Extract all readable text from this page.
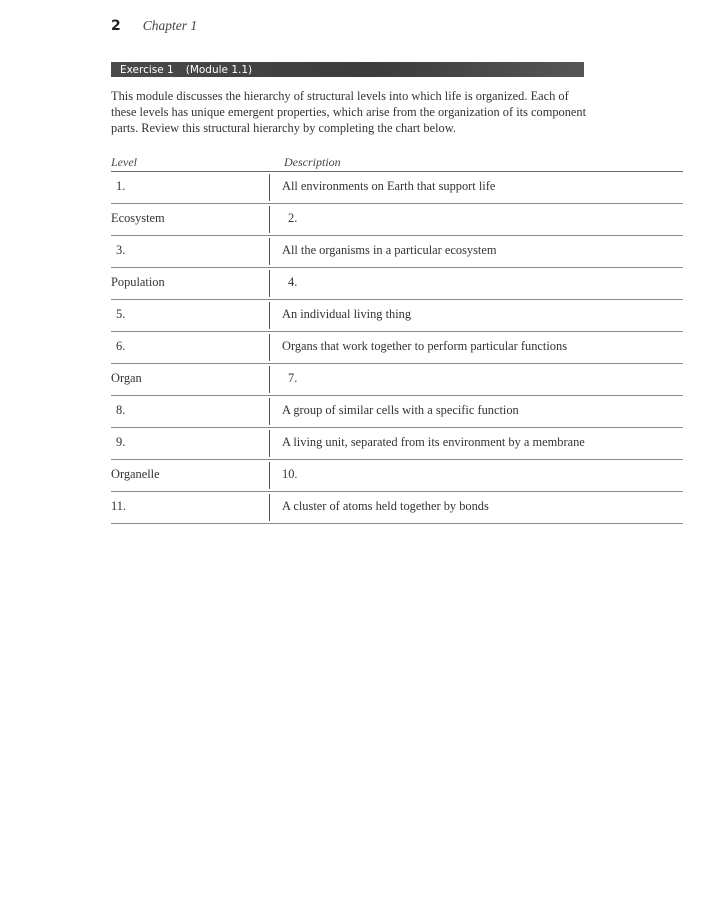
2 Chapter 1
Exercise 1 (Module 1.1)

This module discusses the hierarchy of structural levels into which life is organized. Each of these levels has unique emergent properties, which arise from the organization of its component parts. Review this structural hierarchy by completing the chart below.

Level	Description
1.	All environments on Earth that support life
Ecosystem	2.
3.	All the organisms in a particular ecosystem
Population	4.
5.	An individual living thing
6.	Organs that work together to perform particular functions
Organ	7.
8.	A group of similar cells with a specific function
9.	A living unit, separated from its environment by a membrane
Organelle	10.
11.	A cluster of atoms held together by bonds
